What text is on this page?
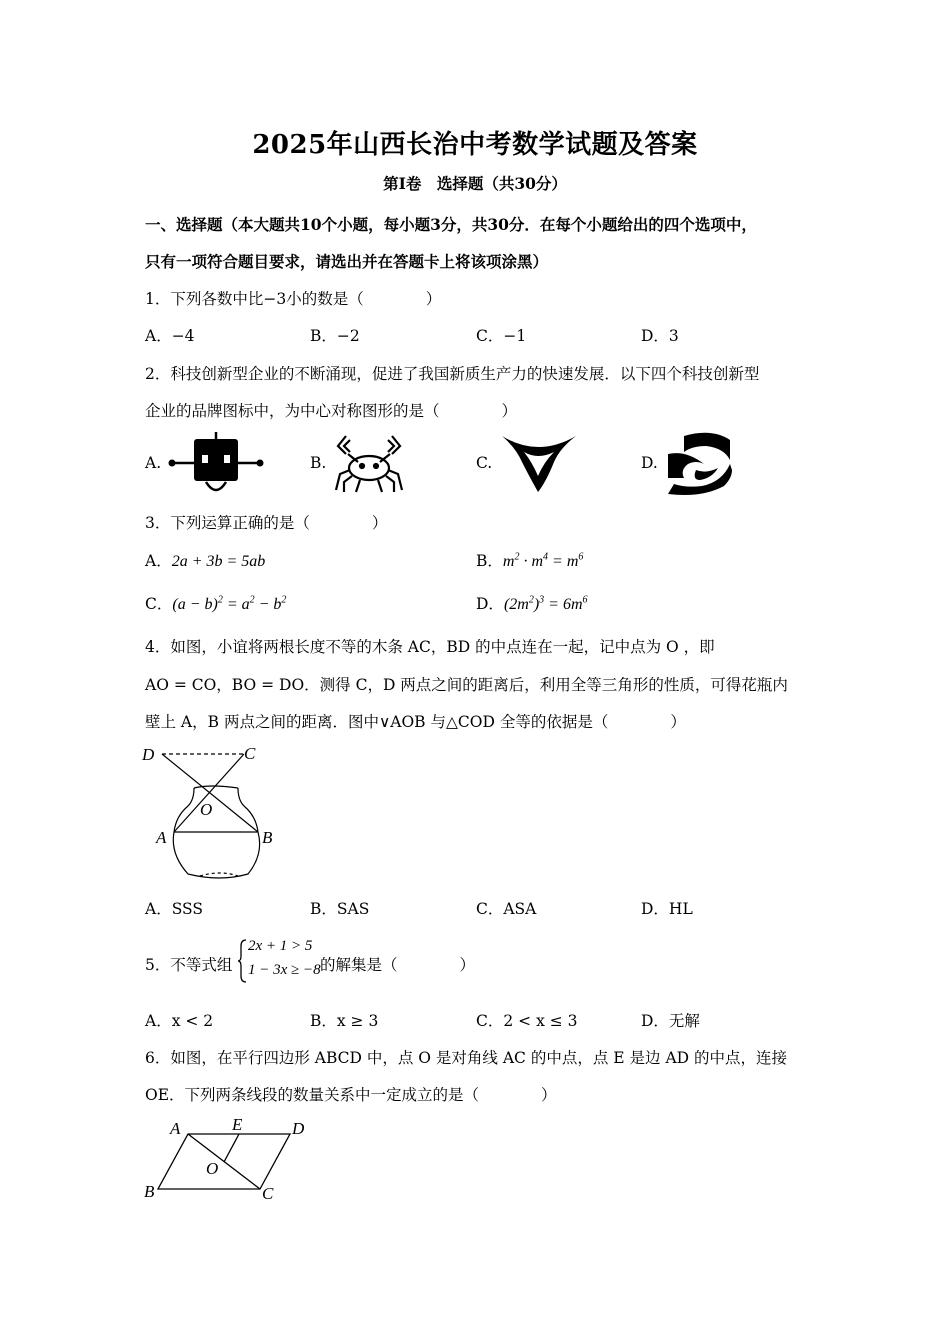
2025年山西长治中考数学试题及答案
第Ⅰ卷　选择题（共30分）
一、选择题（本大题共10个小题，每小题3分，共30分．在每个小题给出的四个选项中，
只有一项符合题目要求，请选出并在答题卡上将该项涂黑）
1．下列各数中比−3小的数是（　　　　）
A．−4	B．−2	C．−1	D．3
2．科技创新型企业的不断涌现，促进了我国新质生产力的快速发展．以下四个科技创新型
企业的品牌图标中，为中心对称图形的是（　　　　）
A.	B.	C.	D.
3．下列运算正确的是（　　　　）
A．2a + 3b = 5ab	B．$m^2 \cdot m^4 = m^6$
C．$(a - b)^2 = a^2 - b^2$	D．$(2m^2)^3 = 6m^6$
4．如图，小谊将两根长度不等的木条 AC，BD 的中点连在一起，记中点为 O ，即
AO = CO，BO = DO．测得 C，D 两点之间的距离后，利用全等三角形的性质，可得花瓶内
壁上 A，B 两点之间的距离．图中∨AOB 与△COD 全等的依据是（　　　　）
D	C
O
A	B
A．SSS	B．SAS	C．ASA	D．HL
5．不等式组
2x + 1 > 5
1 − 3x ≥ −8 的解集是（　　　　）
A．x < 2	B．x ≥ 3	C．2 < x ≤ 3	D．无解
6．如图，在平行四边形 ABCD 中，点 O 是对角线 AC 的中点，点 E 是边 AD 的中点，连接
OE．下列两条线段的数量关系中一定成立的是（　　　　）
A	E	D
O
B	C
